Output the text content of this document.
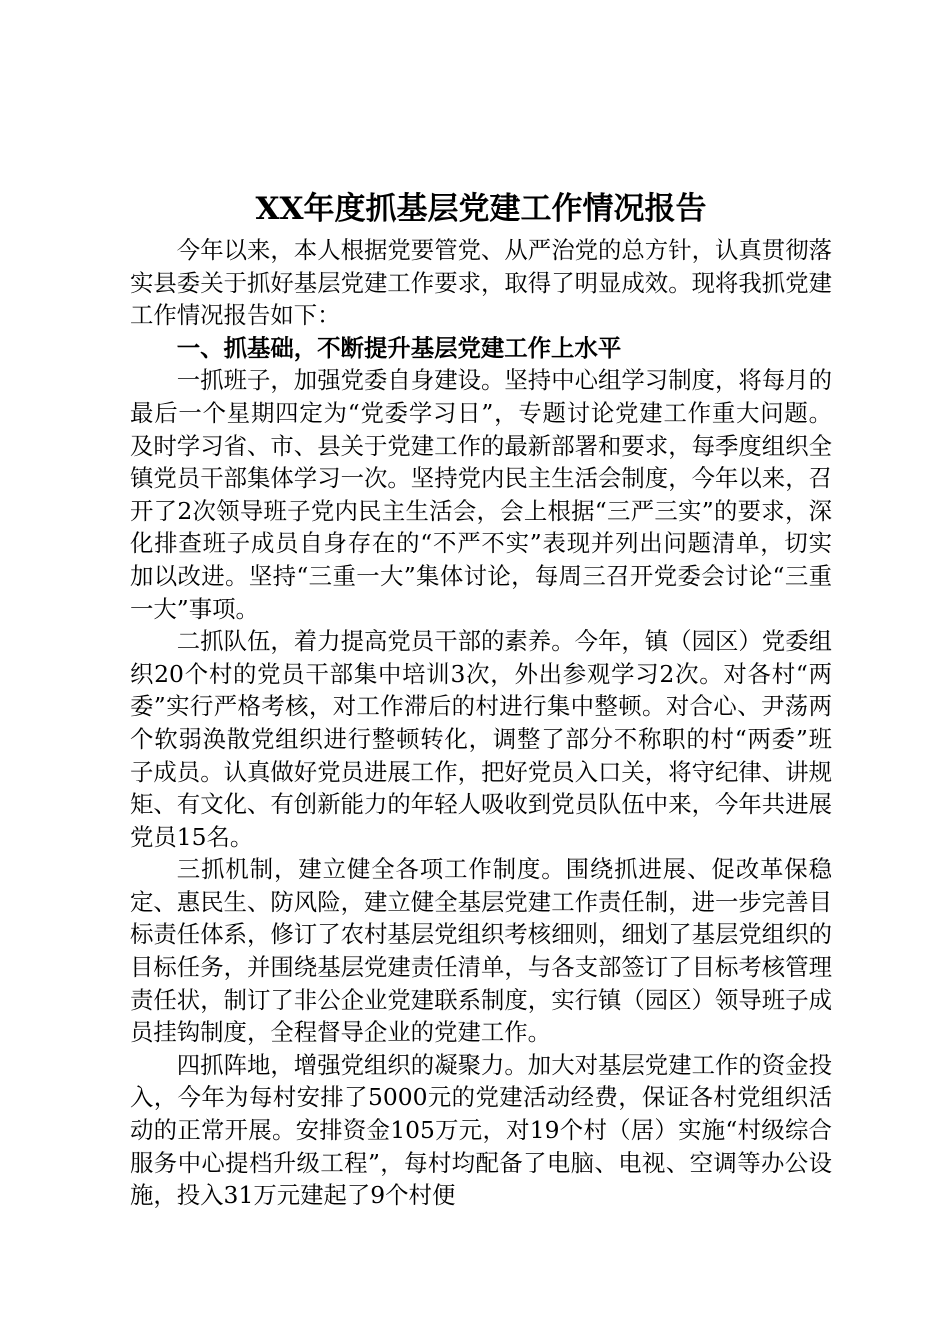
XX年度抓基层党建工作情况报告

今年以来，本人根据党要管党、从严治党的总方针，认真贯彻落实县委关于抓好基层党建工作要求，取得了明显成效。现将我抓党建工作情况报告如下：

一、抓基础，不断提升基层党建工作上水平

一抓班子，加强党委自身建设。坚持中心组学习制度，将每月的最后一个星期四定为“党委学习日”，专题讨论党建工作重大问题。及时学习省、市、县关于党建工作的最新部署和要求，每季度组织全镇党员干部集体学习一次。坚持党内民主生活会制度，今年以来，召开了2次领导班子党内民主生活会，会上根据“三严三实”的要求，深化排查班子成员自身存在的“不严不实”表现并列出问题清单，切实加以改进。坚持“三重一大”集体讨论，每周三召开党委会讨论“三重一大”事项。

二抓队伍，着力提高党员干部的素养。今年，镇（园区）党委组织20个村的党员干部集中培训3次，外出参观学习2次。对各村“两委”实行严格考核，对工作滞后的村进行集中整顿。对合心、尹荡两个软弱涣散党组织进行整顿转化，调整了部分不称职的村“两委”班子成员。认真做好党员进展工作，把好党员入口关，将守纪律、讲规矩、有文化、有创新能力的年轻人吸收到党员队伍中来，今年共进展党员15名。

三抓机制，建立健全各项工作制度。围绕抓进展、促改革保稳定、惠民生、防风险，建立健全基层党建工作责任制，进一步完善目标责任体系，修订了农村基层党组织考核细则，细划了基层党组织的目标任务，并围绕基层党建责任清单，与各支部签订了目标考核管理责任状，制订了非公企业党建联系制度，实行镇（园区）领导班子成员挂钩制度，全程督导企业的党建工作。

四抓阵地，增强党组织的凝聚力。加大对基层党建工作的资金投入，今年为每村安排了5000元的党建活动经费，保证各村党组织活动的正常开展。安排资金105万元，对19个村（居）实施“村级综合服务中心提档升级工程”，每村均配备了电脑、电视、空调等办公设施，投入31万元建起了9个村便
